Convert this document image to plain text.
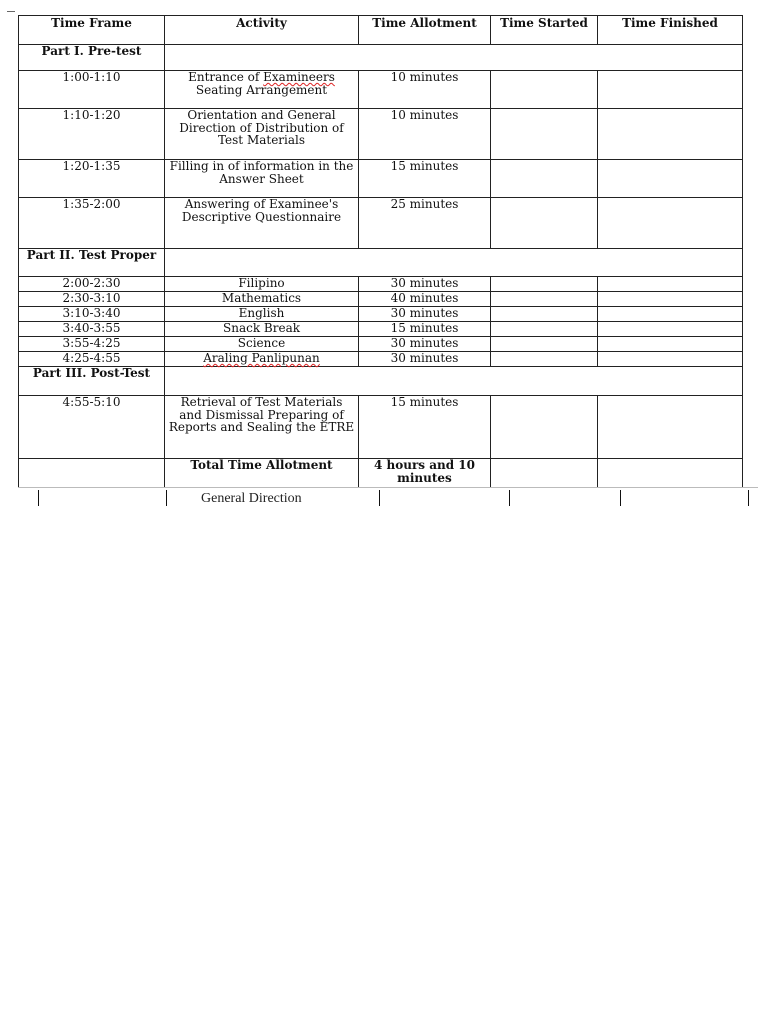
Time Frame	Activity	Time Allotment	Time Started	Time Finished
Part I. Pre-test				
1:00-1:10	Entrance of Examineers Seating Arrangement	10 minutes		
1:10-1:20	Orientation and General Direction of Distribution of Test Materials	10 minutes		
1:20-1:35	Filling in of information in the Answer Sheet	15 minutes		
1:35-2:00	Answering of Examinee's Descriptive Questionnaire	25 minutes		
Part II. Test Proper				
2:00-2:30	Filipino	30 minutes		
2:30-3:10	Mathematics	40 minutes		
3:10-3:40	English	30 minutes		
3:40-3:55	Snack Break	15 minutes		
3:55-4:25	Science	30 minutes		
4:25-4:55	Araling Panlipunan	30 minutes		
Part III. Post-Test				
4:55-5:10	Retrieval of Test Materials and Dismissal Preparing of Reports and Sealing the ETRE	15 minutes		
	Total Time Allotment	4 hours and 10 minutes		
General Direction
